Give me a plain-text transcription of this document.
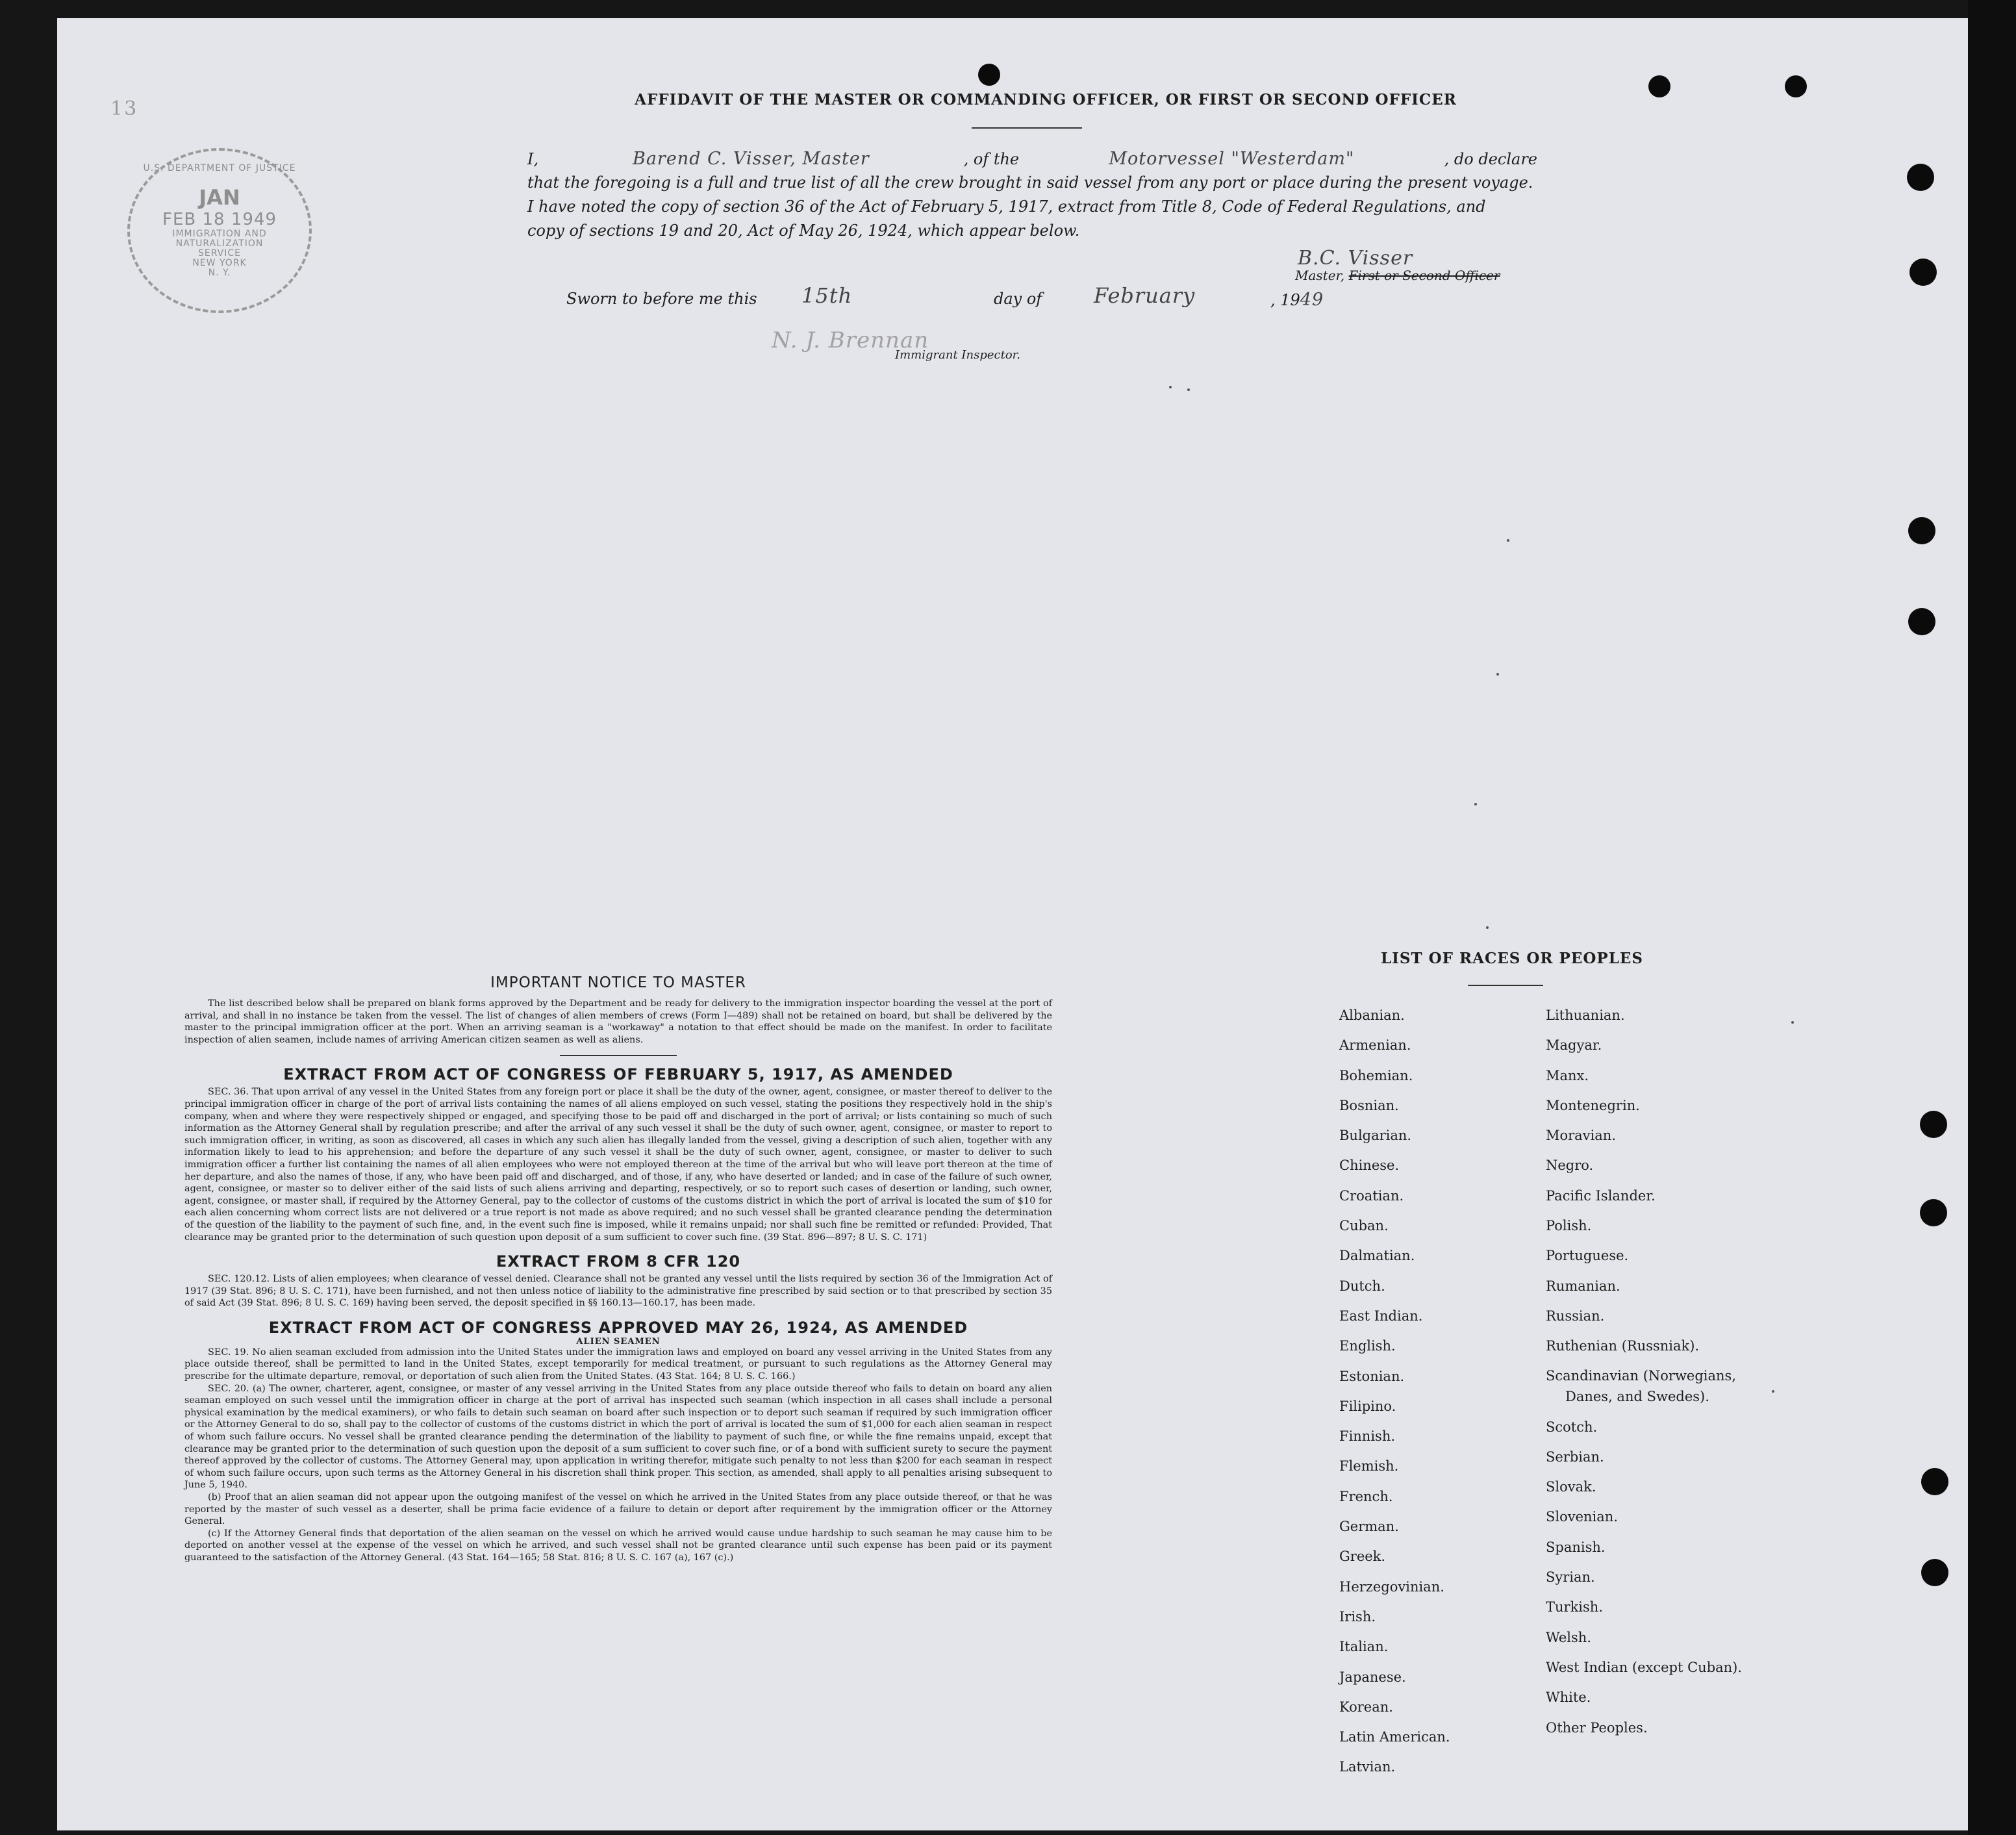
13
U.S. DEPARTMENT OF JUSTICE
JAN
FEB 18 1949
IMMIGRATION AND
NATURALIZATION
SERVICE
NEW YORK
N. Y.
AFFIDAVIT OF THE MASTER OR COMMANDING OFFICER, OR FIRST OR SECOND OFFICER
I,	Barend C. Visser, Master	, of the	Motorvessel "Westerdam"	, do declare
that the foregoing is a full and true list of all the crew brought in said vessel from any port or place during the present voyage.
I have noted the copy of section 36 of the Act of February 5, 1917, extract from Title 8, Code of Federal Regulations, and
copy of sections 19 and 20, Act of May 26, 1924, which appear below.
B.C. Visser
Master, First or Second Officer
Sworn to before me this 15th	day of February	, 1949
N. J. Brennan
Immigrant Inspector.
IMPORTANT NOTICE TO MASTER

The list described below shall be prepared on blank forms approved by the Department and be ready for delivery to the immigration inspector boarding the vessel at the port of arrival, and shall in no instance be taken from the vessel. The list of changes of alien members of crews (Form I—489) shall not be retained on board, but shall be delivered by the master to the principal immigration officer at the port. When an arriving seaman is a "workaway" a notation to that effect should be made on the manifest. In order to facilitate inspection of alien seamen, include names of arriving American citizen seamen as well as aliens.

EXTRACT FROM ACT OF CONGRESS OF FEBRUARY 5, 1917, AS AMENDED

SEC. 36. That upon arrival of any vessel in the United States from any foreign port or place it shall be the duty of the owner, agent, consignee, or master thereof to deliver to the principal immigration officer in charge of the port of arrival lists containing the names of all aliens employed on such vessel, stating the positions they respectively hold in the ship's company, when and where they were respectively shipped or engaged, and specifying those to be paid off and discharged in the port of arrival; or lists containing so much of such information as the Attorney General shall by regulation prescribe; and after the arrival of any such vessel it shall be the duty of such owner, agent, consignee, or master to report to such immigration officer, in writing, as soon as discovered, all cases in which any such alien has illegally landed from the vessel, giving a description of such alien, together with any information likely to lead to his apprehension; and before the departure of any such vessel it shall be the duty of such owner, agent, consignee, or master to deliver to such immigration officer a further list containing the names of all alien employees who were not employed thereon at the time of the arrival but who will leave port thereon at the time of her departure, and also the names of those, if any, who have been paid off and discharged, and of those, if any, who have deserted or landed; and in case of the failure of such owner, agent, consignee, or master so to deliver either of the said lists of such aliens arriving and departing, respectively, or so to report such cases of desertion or landing, such owner, agent, consignee, or master shall, if required by the Attorney General, pay to the collector of customs of the customs district in which the port of arrival is located the sum of $10 for each alien concerning whom correct lists are not delivered or a true report is not made as above required; and no such vessel shall be granted clearance pending the determination of the question of the liability to the payment of such fine, and, in the event such fine is imposed, while it remains unpaid; nor shall such fine be remitted or refunded: Provided, That clearance may be granted prior to the determination of such question upon deposit of a sum sufficient to cover such fine. (39 Stat. 896—897; 8 U. S. C. 171)

EXTRACT FROM 8 CFR 120

SEC. 120.12. Lists of alien employees; when clearance of vessel denied. Clearance shall not be granted any vessel until the lists required by section 36 of the Immigration Act of 1917 (39 Stat. 896; 8 U. S. C. 171), have been furnished, and not then unless notice of liability to the administrative fine prescribed by said section or to that prescribed by section 35 of said Act (39 Stat. 896; 8 U. S. C. 169) having been served, the deposit specified in §§ 160.13—160.17, has been made.

EXTRACT FROM ACT OF CONGRESS APPROVED MAY 26, 1924, AS AMENDED
ALIEN SEAMEN

SEC. 19. No alien seaman excluded from admission into the United States under the immigration laws and employed on board any vessel arriving in the United States from any place outside thereof, shall be permitted to land in the United States, except temporarily for medical treatment, or pursuant to such regulations as the Attorney General may prescribe for the ultimate departure, removal, or deportation of such alien from the United States. (43 Stat. 164; 8 U. S. C. 166.)

SEC. 20. (a) The owner, charterer, agent, consignee, or master of any vessel arriving in the United States from any place outside thereof who fails to detain on board any alien seaman employed on such vessel until the immigration officer in charge at the port of arrival has inspected such seaman (which inspection in all cases shall include a personal physical examination by the medical examiners), or who fails to detain such seaman on board after such inspection or to deport such seaman if required by such immigration officer or the Attorney General to do so, shall pay to the collector of customs of the customs district in which the port of arrival is located the sum of $1,000 for each alien seaman in respect of whom such failure occurs. No vessel shall be granted clearance pending the determination of the liability to payment of such fine, or while the fine remains unpaid, except that clearance may be granted prior to the determination of such question upon the deposit of a sum sufficient to cover such fine, or of a bond with sufficient surety to secure the payment thereof approved by the collector of customs. The Attorney General may, upon application in writing therefor, mitigate such penalty to not less than $200 for each seaman in respect of whom such failure occurs, upon such terms as the Attorney General in his discretion shall think proper. This section, as amended, shall apply to all penalties arising subsequent to June 5, 1940.

(b) Proof that an alien seaman did not appear upon the outgoing manifest of the vessel on which he arrived in the United States from any place outside thereof, or that he was reported by the master of such vessel as a deserter, shall be prima facie evidence of a failure to detain or deport after requirement by the immigration officer or the Attorney General.

(c) If the Attorney General finds that deportation of the alien seaman on the vessel on which he arrived would cause undue hardship to such seaman he may cause him to be deported on another vessel at the expense of the vessel on which he arrived, and such vessel shall not be granted clearance until such expense has been paid or its payment guaranteed to the satisfaction of the Attorney General. (43 Stat. 164—165; 58 Stat. 816; 8 U. S. C. 167 (a), 167 (c).)

LIST OF RACES OR PEOPLES
Albanian.
Armenian.
Bohemian.
Bosnian.
Bulgarian.
Chinese.
Croatian.
Cuban.
Dalmatian.
Dutch.
East Indian.
English.
Estonian.
Filipino.
Finnish.
Flemish.
French.
German.
Greek.
Herzegovinian.
Irish.
Italian.
Japanese.
Korean.
Latin American.
Latvian.
Lithuanian.
Magyar.
Manx.
Montenegrin.
Moravian.
Negro.
Pacific Islander.
Polish.
Portuguese.
Rumanian.
Russian.
Ruthenian (Russniak).
Scandinavian (Norwegians,
Danes, and Swedes).
Scotch.
Serbian.
Slovak.
Slovenian.
Spanish.
Syrian.
Turkish.
Welsh.
West Indian (except Cuban).
White.
Other Peoples.
